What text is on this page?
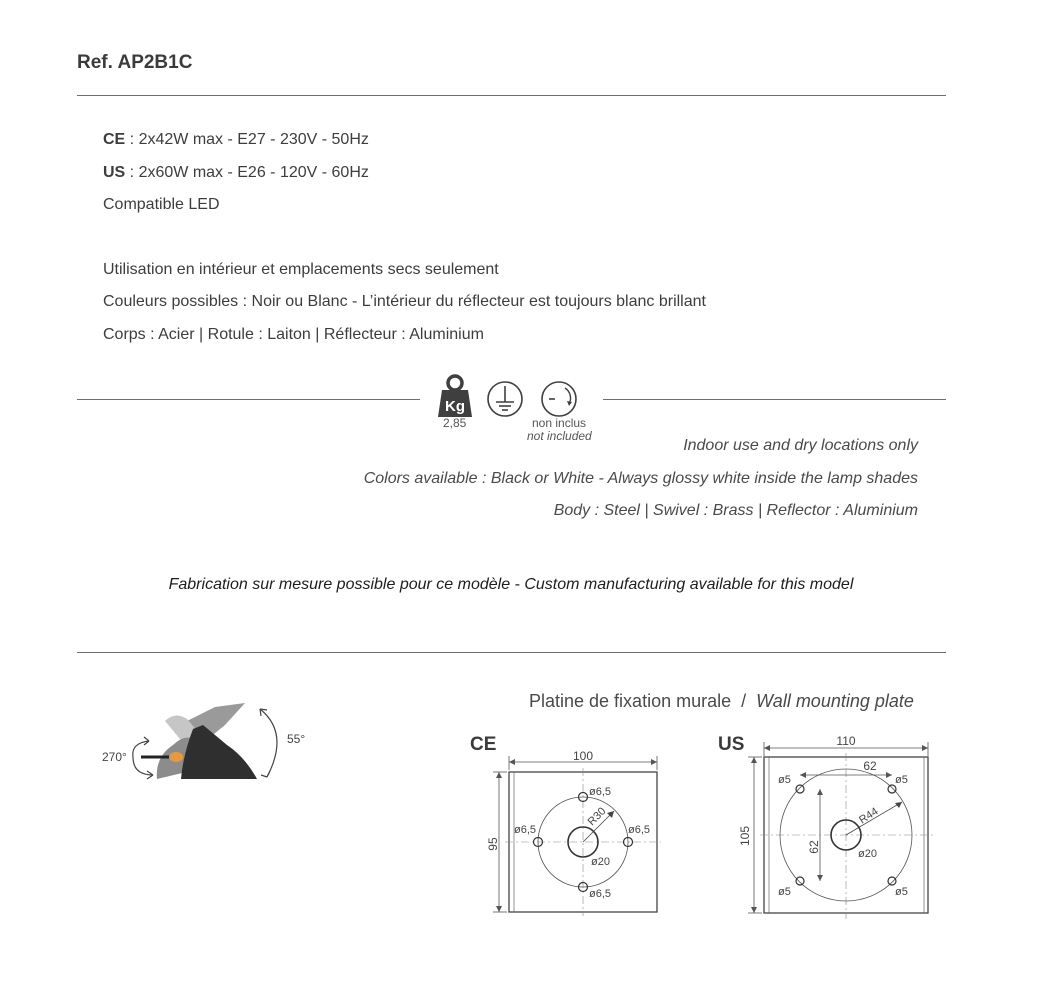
Ref. AP2B1C
CE : 2x42W max - E27 - 230V - 50Hz
US : 2x60W max - E26 - 120V - 60Hz
Compatible LED
Utilisation en intérieur et emplacements secs seulement
Couleurs possibles : Noir ou Blanc - L’intérieur du réflecteur est toujours blanc brillant
Corps : Acier | Rotule : Laiton | Réflecteur : Aluminium
Kg
2,85	non inclus
not included
Indoor use and dry locations only
Colors available : Black or White - Always glossy white inside the lamp shades
Body : Steel | Swivel : Brass | Reflector : Aluminium
Fabrication sur mesure possible pour ce modèle - Custom manufacturing available for this model
270°
55°
Platine de fixation murale  /  Wall mounting plate
CE
100
95
R30
ø6,5
ø6,5	ø6,5
ø20
ø6,5
US	110
105
62
62
R44
ø20
ø5	ø5
ø5	ø5
